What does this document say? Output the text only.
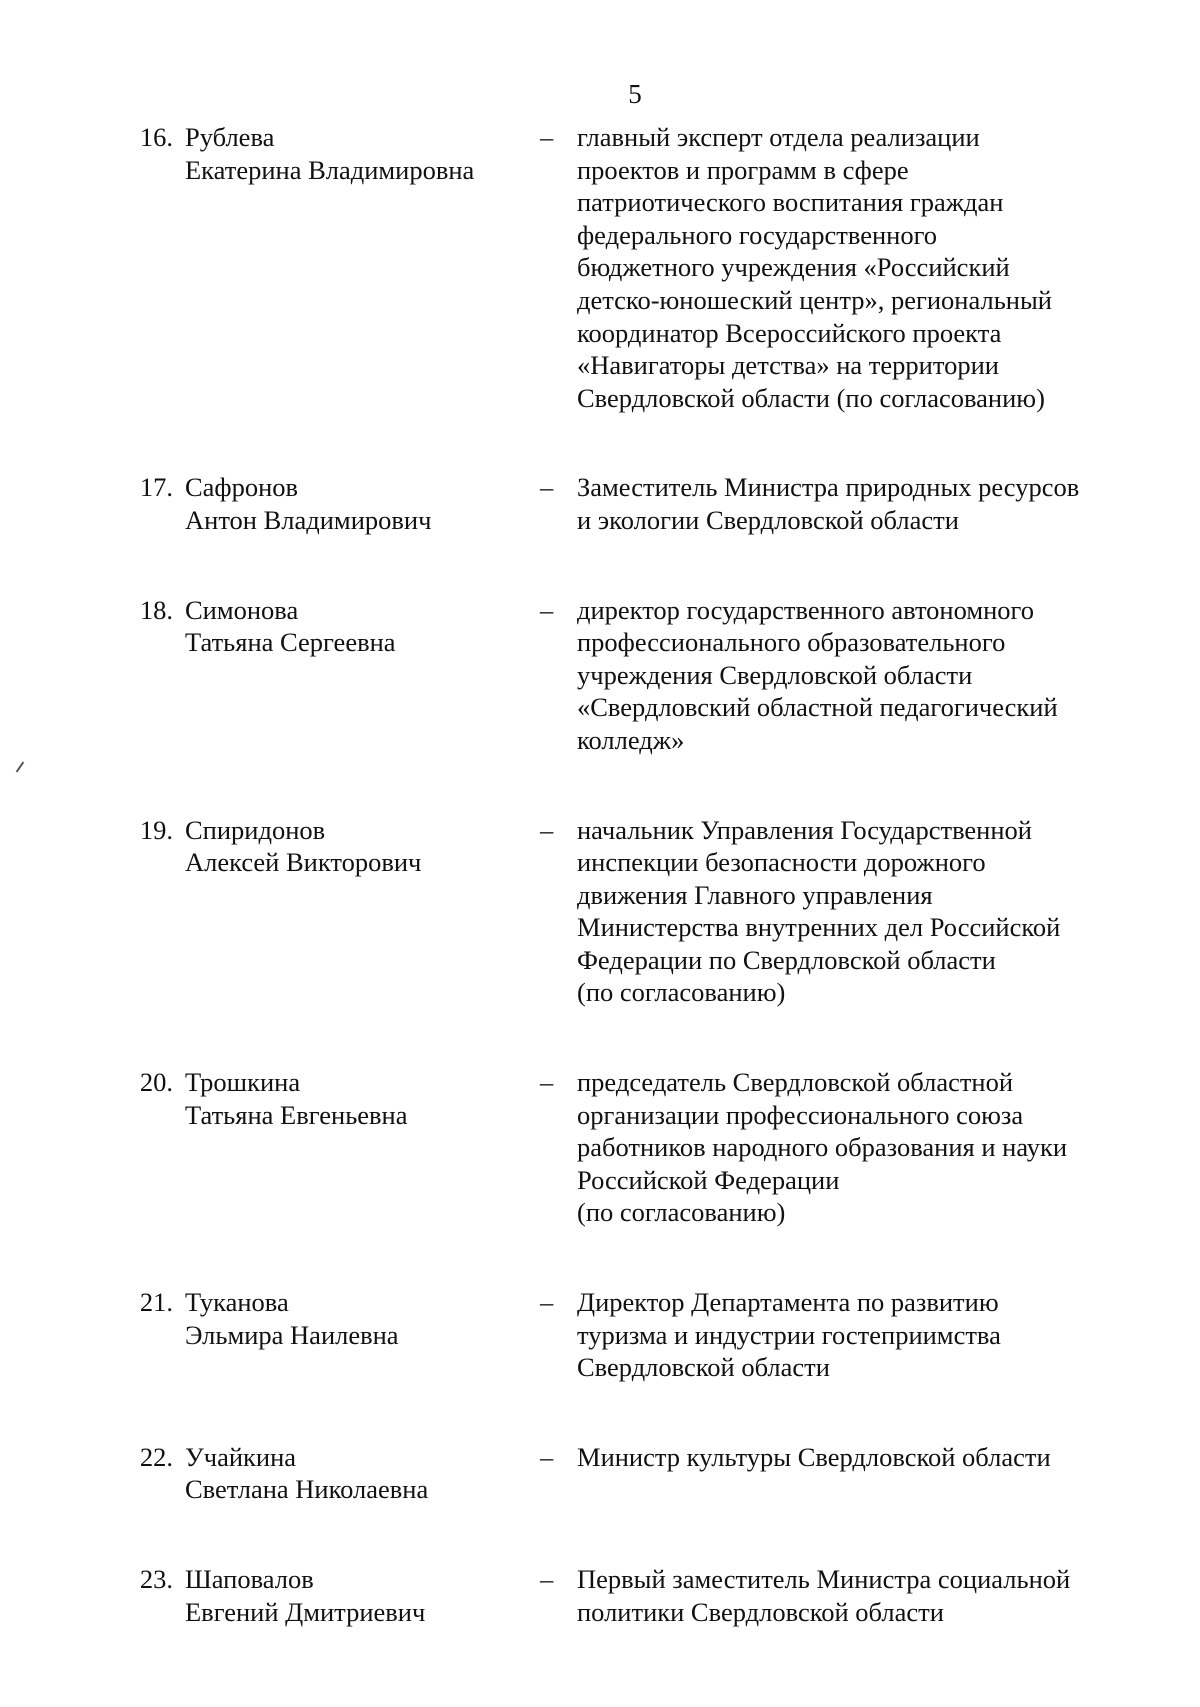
5
16. Рублева
Екатерина Владимировна
– главный эксперт отдела реализации
проектов и программ в сфере
патриотического воспитания граждан
федерального государственного
бюджетного учреждения «Российский
детско-юношеский центр», региональный
координатор Всероссийского проекта
«Навигаторы детства» на территории
Свердловской области (по согласованию)
17. Сафронов
Антон Владимирович
– Заместитель Министра природных ресурсов
и экологии Свердловской области
18. Симонова
Татьяна Сергеевна
– директор государственного автономного
профессионального образовательного
учреждения Свердловской области
«Свердловский областной педагогический
колледж»
19. Спиридонов
Алексей Викторович
– начальник Управления Государственной
инспекции безопасности дорожного
движения Главного управления
Министерства внутренних дел Российской
Федерации по Свердловской области
(по согласованию)
20. Трошкина
Татьяна Евгеньевна
– председатель Свердловской областной
организации профессионального союза
работников народного образования и науки
Российской Федерации
(по согласованию)
21. Туканова
Эльмира Наилевна
– Директор Департамента по развитию
туризма и индустрии гостеприимства
Свердловской области
22. Учайкина
Светлана Николаевна
– Министр культуры Свердловской области
23. Шаповалов
Евгений Дмитриевич
– Первый заместитель Министра социальной
политики Свердловской области
